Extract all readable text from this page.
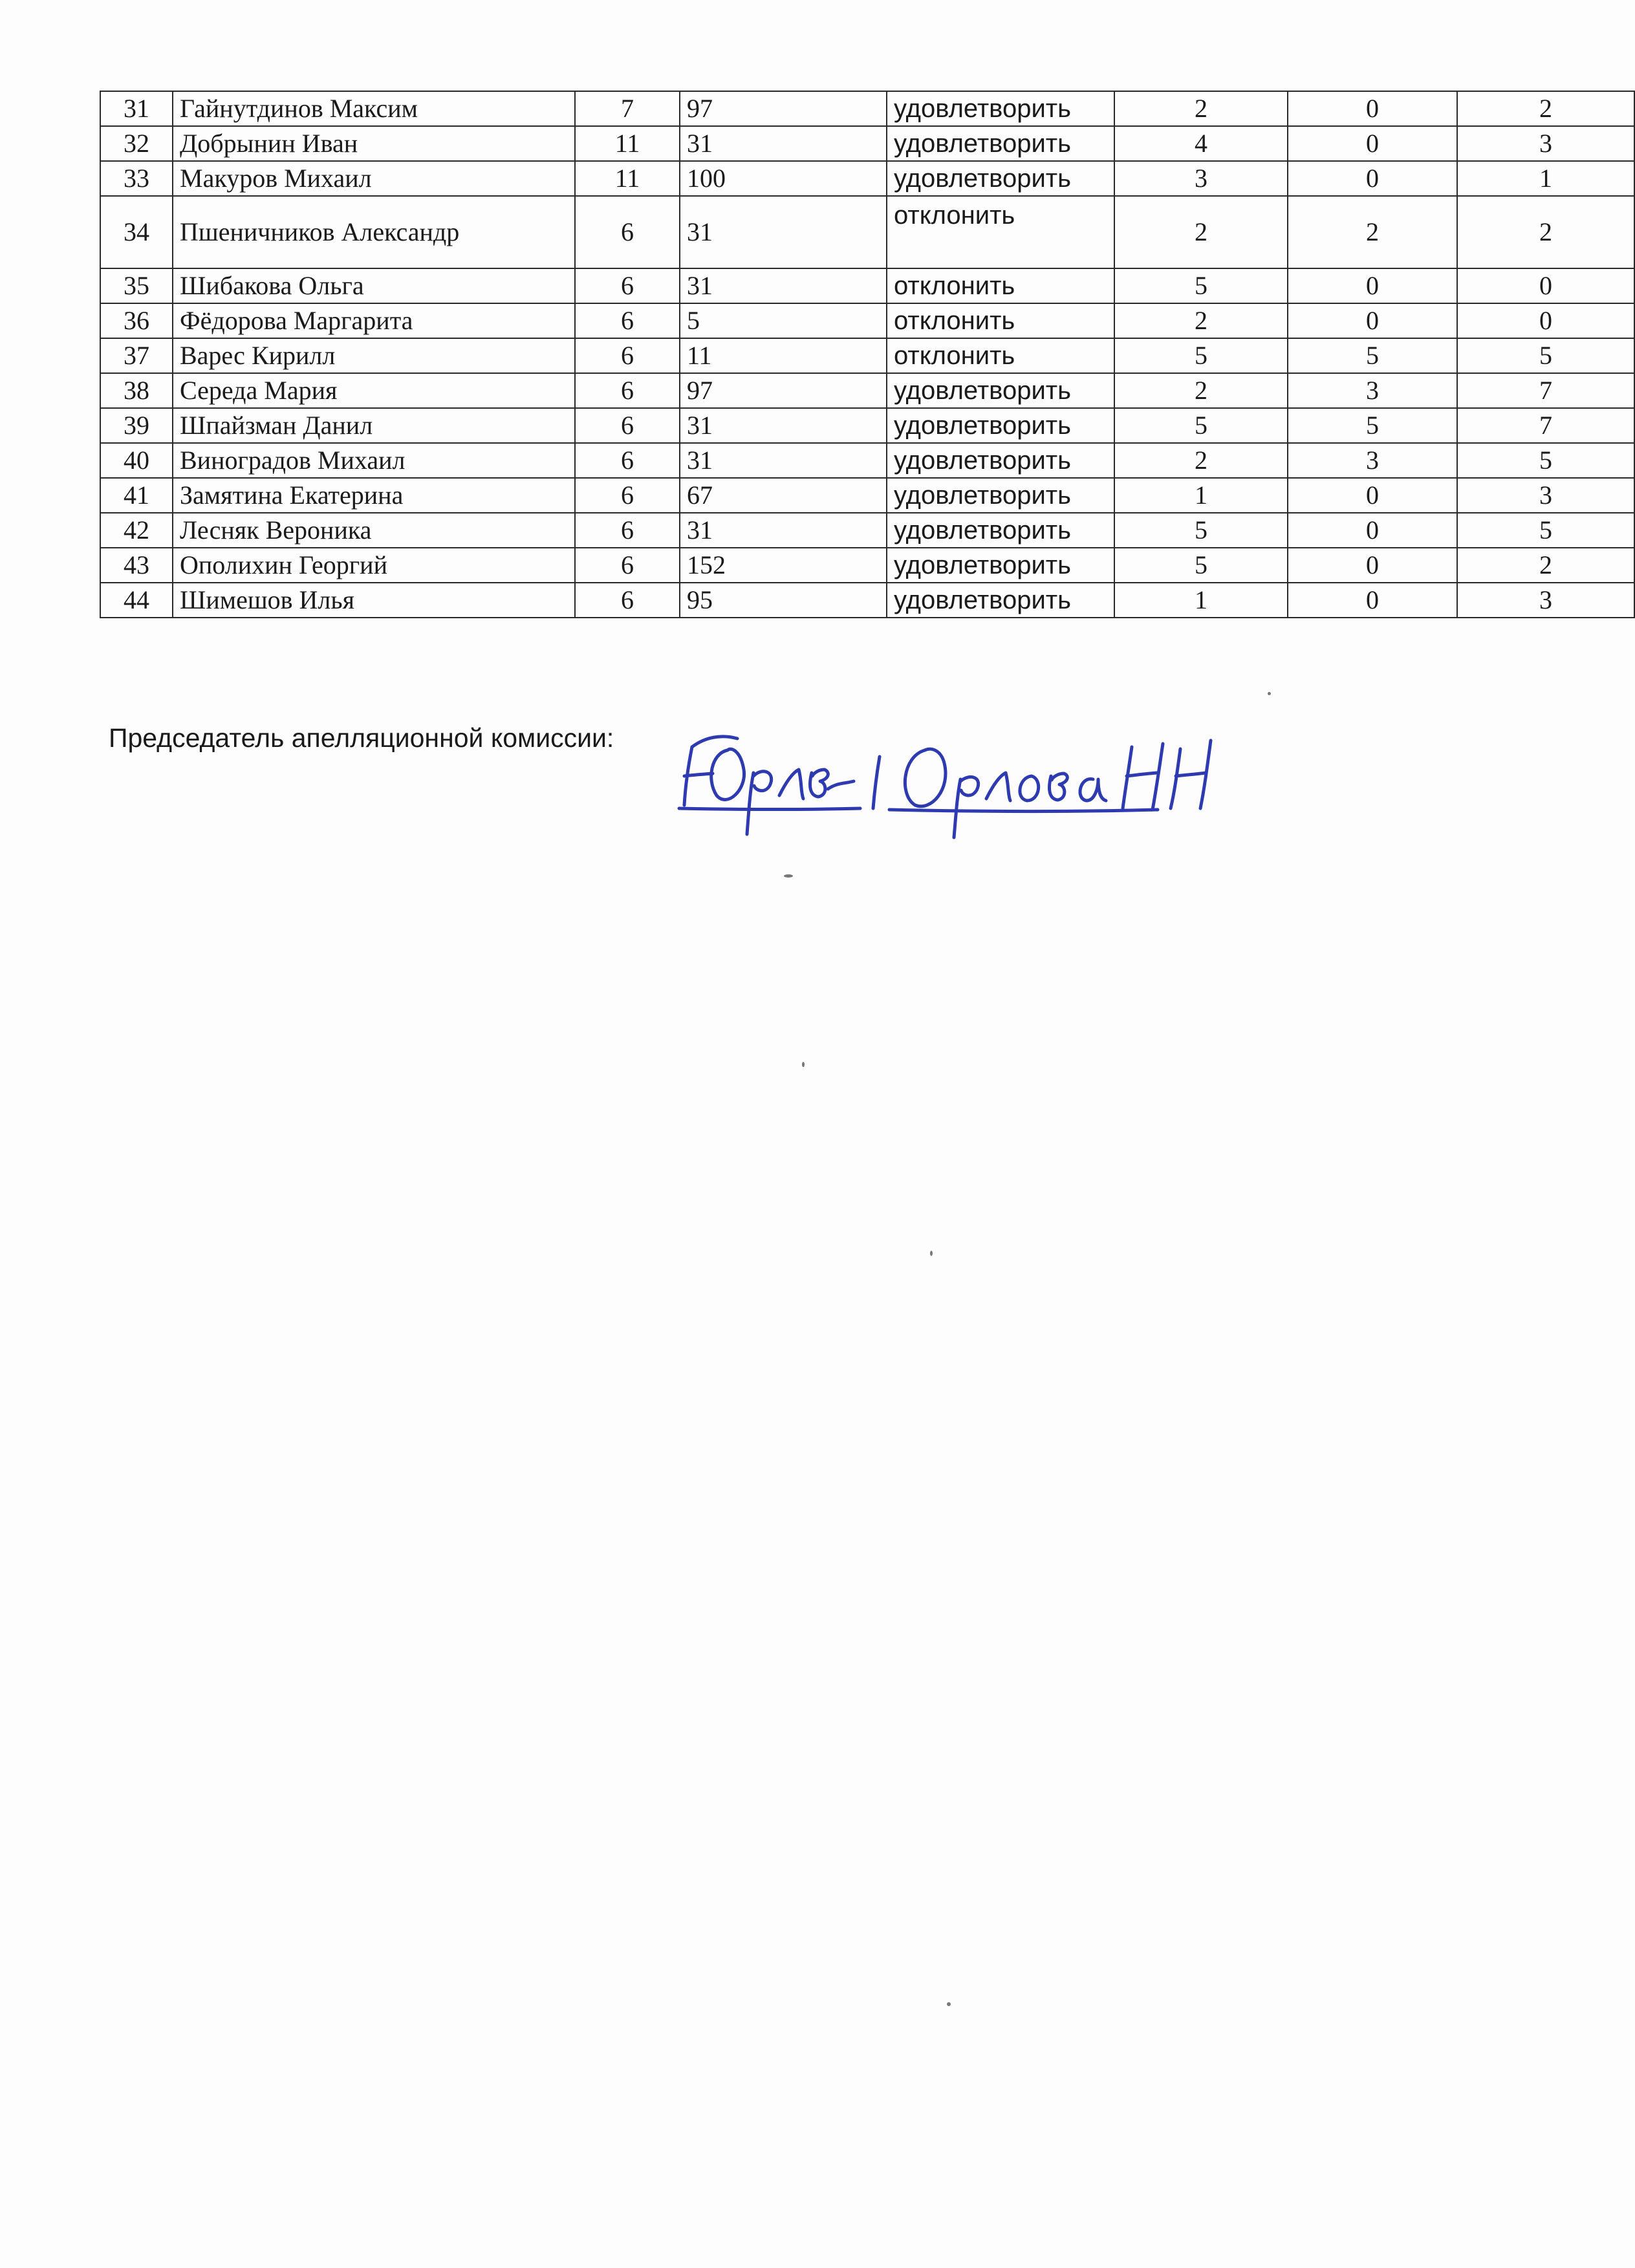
31	Гайнутдинов Максим	7	97	удовлетворить	2	0	2
32	Добрынин Иван	11	31	удовлетворить	4	0	3
33	Макуров Михаил	11	100	удовлетворить	3	0	1
34	Пшеничников Александр	6	31	отклонить	2	2	2
35	Шибакова Ольга	6	31	отклонить	5	0	0
36	Фёдорова Маргарита	6	5	отклонить	2	0	0
37	Варес Кирилл	6	11	отклонить	5	5	5
38	Середа Мария	6	97	удовлетворить	2	3	7
39	Шпайзман Данил	6	31	удовлетворить	5	5	7
40	Виноградов Михаил	6	31	удовлетворить	2	3	5
41	Замятина Екатерина	6	67	удовлетворить	1	0	3
42	Лесняк Вероника	6	31	удовлетворить	5	0	5
43	Ополихин Георгий	6	152	удовлетворить	5	0	2
44	Шимешов Илья	6	95	удовлетворить	1	0	3
Председатель апелляционной комиссии:
